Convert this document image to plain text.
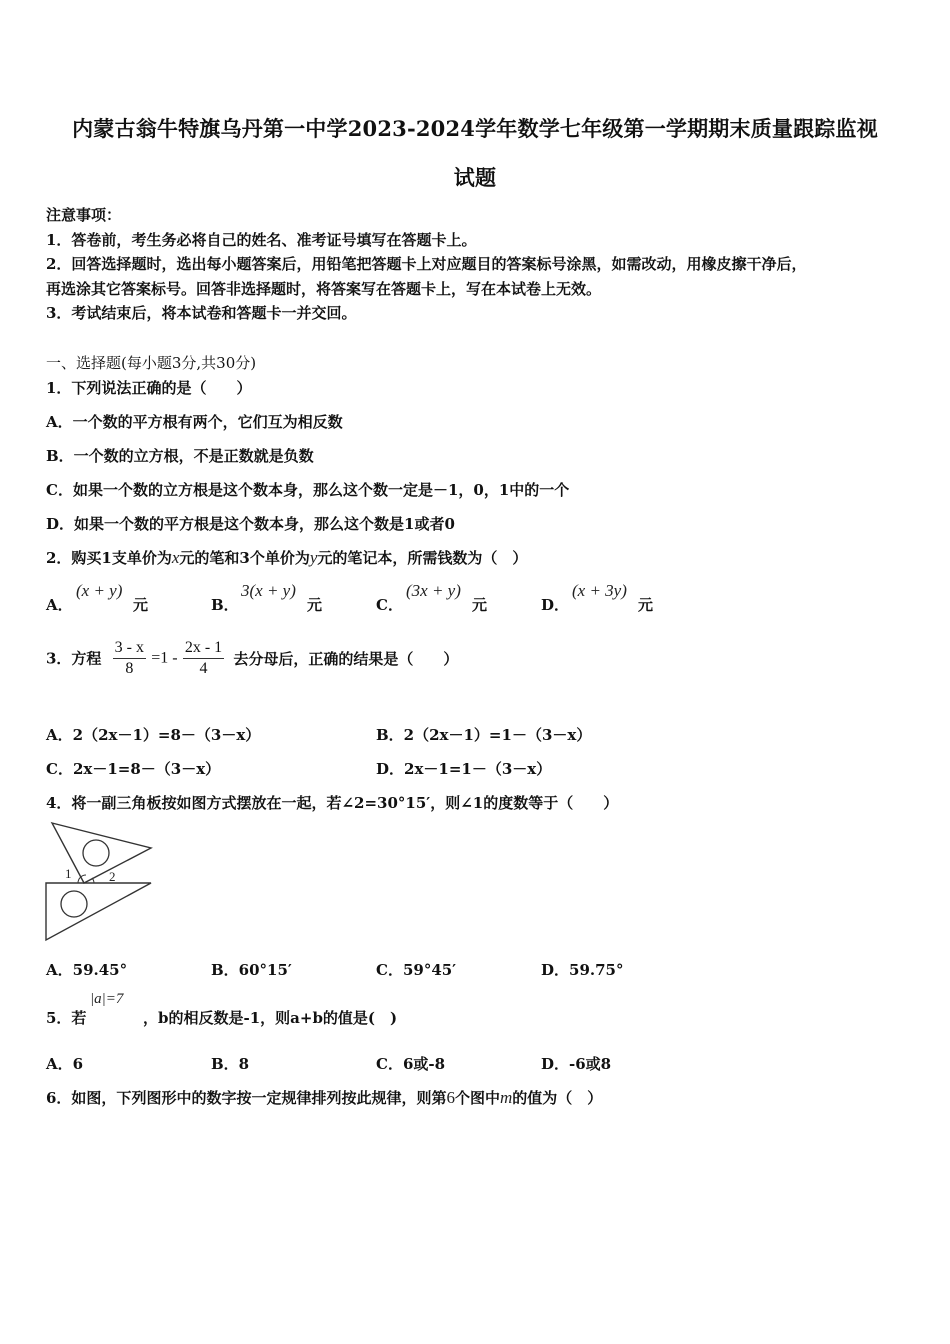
内蒙古翁牛特旗乌丹第一中学2023-2024学年数学七年级第一学期期末质量跟踪监视
试题
注意事项：
1．答卷前，考生务必将自己的姓名、准考证号填写在答题卡上。
2．回答选择题时，选出每小题答案后，用铅笔把答题卡上对应题目的答案标号涂黑，如需改动，用橡皮擦干净后，
再选涂其它答案标号。回答非选择题时，将答案写在答题卡上，写在本试卷上无效。
3．考试结束后，将本试卷和答题卡一并交回。
一、选择题(每小题3分,共30分)
1．下列说法正确的是（　　）
A．一个数的平方根有两个，它们互为相反数
B．一个数的立方根，不是正数就是负数
C．如果一个数的立方根是这个数本身，那么这个数一定是－1，0，1中的一个
D．如果一个数的平方根是这个数本身，那么这个数是1或者0
2．购买1支单价为x元的笔和3个单价为y元的笔记本，所需钱数为（　）
A．
(x + y)
元	B．
3(x + y)
元	C．
(3x + y)
元	D．
(x + 3y)
元
3．方程 $\frac{3 - x}{8} =1 - \frac{2x - 1}{4}$ 去分母后，正确的结果是（　　）
A．2（2x－1）=8－（3－x）	B．2（2x－1）=1－（3－x）
C．2x－1=8－（3－x）	D．2x－1=1－（3－x）
4．将一副三角板按如图方式摆放在一起，若∠2=30°15′，则∠1的度数等于（　　）
1	2
A．59.45°	B．60°15′	C．59°45′	D．59.75°
5．若
|a|=7
，b的相反数是-1，则a+b的值是(　)
A．6	B．8	C．6或-8	D．-6或8
6．如图，下列图形中的数字按一定规律排列按此规律，则第6个图中m的值为（　）
